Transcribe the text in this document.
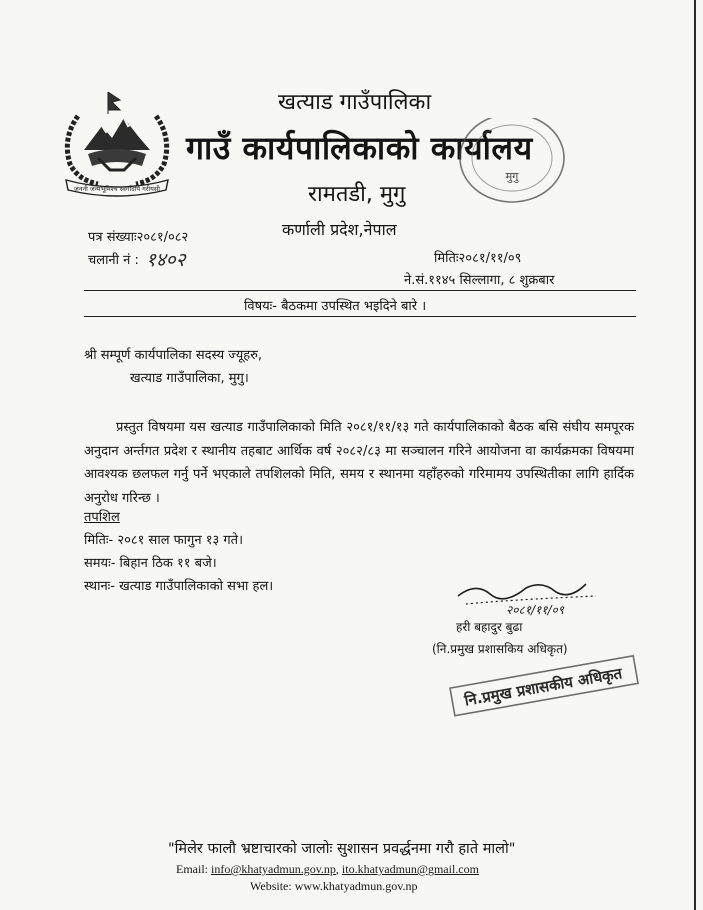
जननी जन्मभूमिश्च स्वर्गादपि गरीयसी
खत्याड गाउँपालिका
गाउँ कार्यपालिकाको कार्यालय
रामतडी, मुगु
कर्णाली प्रदेश,नेपाल
मुगु
पत्र संख्याः२०८१/०८२
चलानी नं : १४०२	मितिः२०८१/११/०९
ने.सं.११४५ सिल्लागा, ८ शुक्रबार
विषयः- बैठकमा उपस्थित भइदिने बारे ।
श्री सम्पूर्ण कार्यपालिका सदस्य ज्यूहरु,
खत्याड गाउँपालिका, मुगु।
प्रस्तुत विषयमा यस खत्याड गाउँपालिकाको मिति २०८१/११/१३ गते कार्यपालिकाको बैठक बसि संघीय समपूरक अनुदान अर्न्तगत प्रदेश र स्थानीय तहबाट आर्थिक वर्ष २०८२/८३ मा सञ्चालन गरिने आयोजना वा कार्यक्रमका विषयमा आवश्यक छलफल गर्नु पर्ने भएकाले तपशिलको मिति, समय र स्थानमा यहाँहरुको गरिमामय उपस्थितीका लागि हार्दिक अनुरोध गरिन्छ ।
तपशिल
मितिः- २०८१ साल फागुन १३ गते।
समयः- बिहान ठिक ११ बजे।
स्थानः- खत्याड गाउँपालिकाको सभा हल।
२०८१/११/०९
हरी बहादुर बुढा
(नि.प्रमुख प्रशासकिय अधिकृत)
नि.प्रमुख प्रशासकीय अधिकृत
"मिलेर फालौ भ्रष्टाचारको जालोः सुशासन प्रवर्द्धनमा गरौ हाते मालो"
Email: info@khatyadmun.gov.np, ito.khatyadmun@gmail.com
Website: www.khatyadmun.gov.np
